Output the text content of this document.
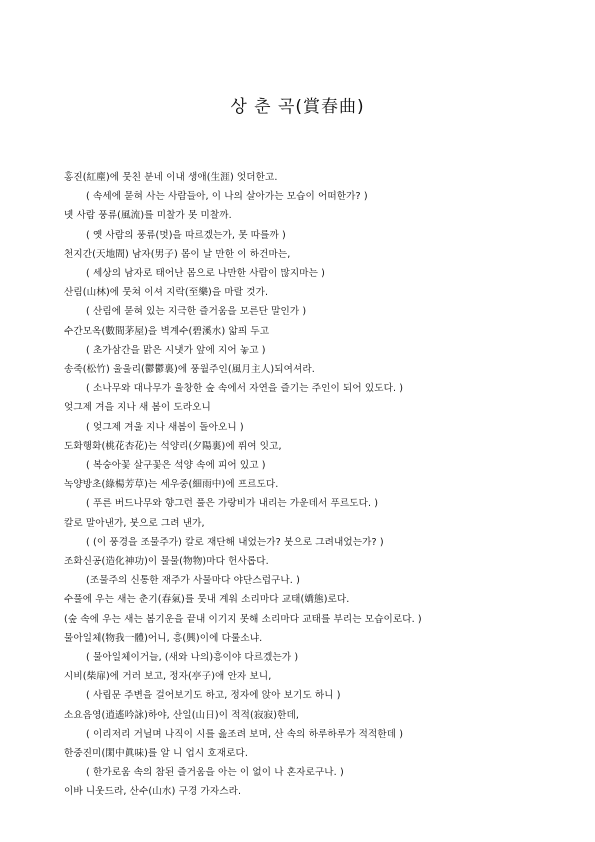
상 춘 곡(賞春曲)
홍진(紅塵)에 뭇친 분네 이내 생애(生涯) 엇더한고.
( 속세에 묻혀 사는 사람들아, 이 나의 살아가는 모습이 어떠한가? )
녯 사람 풍류(風流)를 미찰가 못 미찰까.
( 옛 사람의 풍류(멋)을 따르겠는가, 못 따를까 )
천지간(天地間) 남자(男子) 몸이 날 만한 이 하건마는,
( 세상의 남자로 태어난 몸으로 나만한 사람이 많지마는 )
산림(山林)에 뭇쳐 이셔 지락(至樂)을 마랄 것가.
( 산림에 묻혀 있는 지극한 즐거움을 모른단 말인가 )
수간모옥(數間茅屋)을 벽계수(碧溪水) 앏픠 두고
( 초가삼간을 맑은 시냇가 앞에 지어 놓고 )
송죽(松竹) 울울리(鬱鬱裏)에 풍월주인(風月主人)되여셔라.
( 소나무와 대나무가 울창한 숲 속에서 자연을 즐기는 주인이 되어 있도다. )
엊그제 겨을 지나 새 봄이 도라오니
( 엊그제 겨울 지나 새봄이 돌아오니 )
도화행화(桃花杏花)는 석양리(夕陽裏)에 퓌여 잇고,
( 복숭아꽃 살구꽃은 석양 속에 피어 있고 )
녹양방초(綠楊芳草)는 세우중(細雨中)에 프르도다.
( 푸른 버드나무와 향그런 풀은 가랑비가 내리는 가운데서 푸르도다. )
칼로 말아낸가, 붓으로 그려 낸가,
( (이 풍경을 조물주가) 칼로 재단해 내었는가? 붓으로 그려내었는가? )
조화신공(造化神功)이 물물(物物)마다 헌사롭다.
(조물주의 신통한 재주가 사물마다 야단스럽구나. )
수풀에 우는 새는 춘기(春氣)를 뭇내 계워 소리마다 교태(嬌態)로다.
(숲 속에 우는 새는 봄기운을 끝내 이기지 못해 소리마다 교태를 부리는 모습이로다. )
물아일체(物我一體)어니, 흥(興)이에 다룰소냐.
( 물아일체이거늘, (새와 나의)흥이야 다르겠는가 )
시비(柴扉)에 거러 보고, 정자(亭子)애 안자 보니,
( 사립문 주변을 걸어보기도 하고, 정자에 앉아 보기도 하니 )
소요음영(逍遙吟詠)하야, 산일(山日)이 적적(寂寂)한데,
( 이리저리 거닐며 나직이 시를 읊조려 보며, 산 속의 하루하루가 적적한데 )
한중진미(閑中眞味)를 알 니 업시 호재로다.
( 한가로움 속의 참된 즐거움을 아는 이 없이 나 혼자로구나. )
이바 니웃드라, 산수(山水) 구경 가자스라.
